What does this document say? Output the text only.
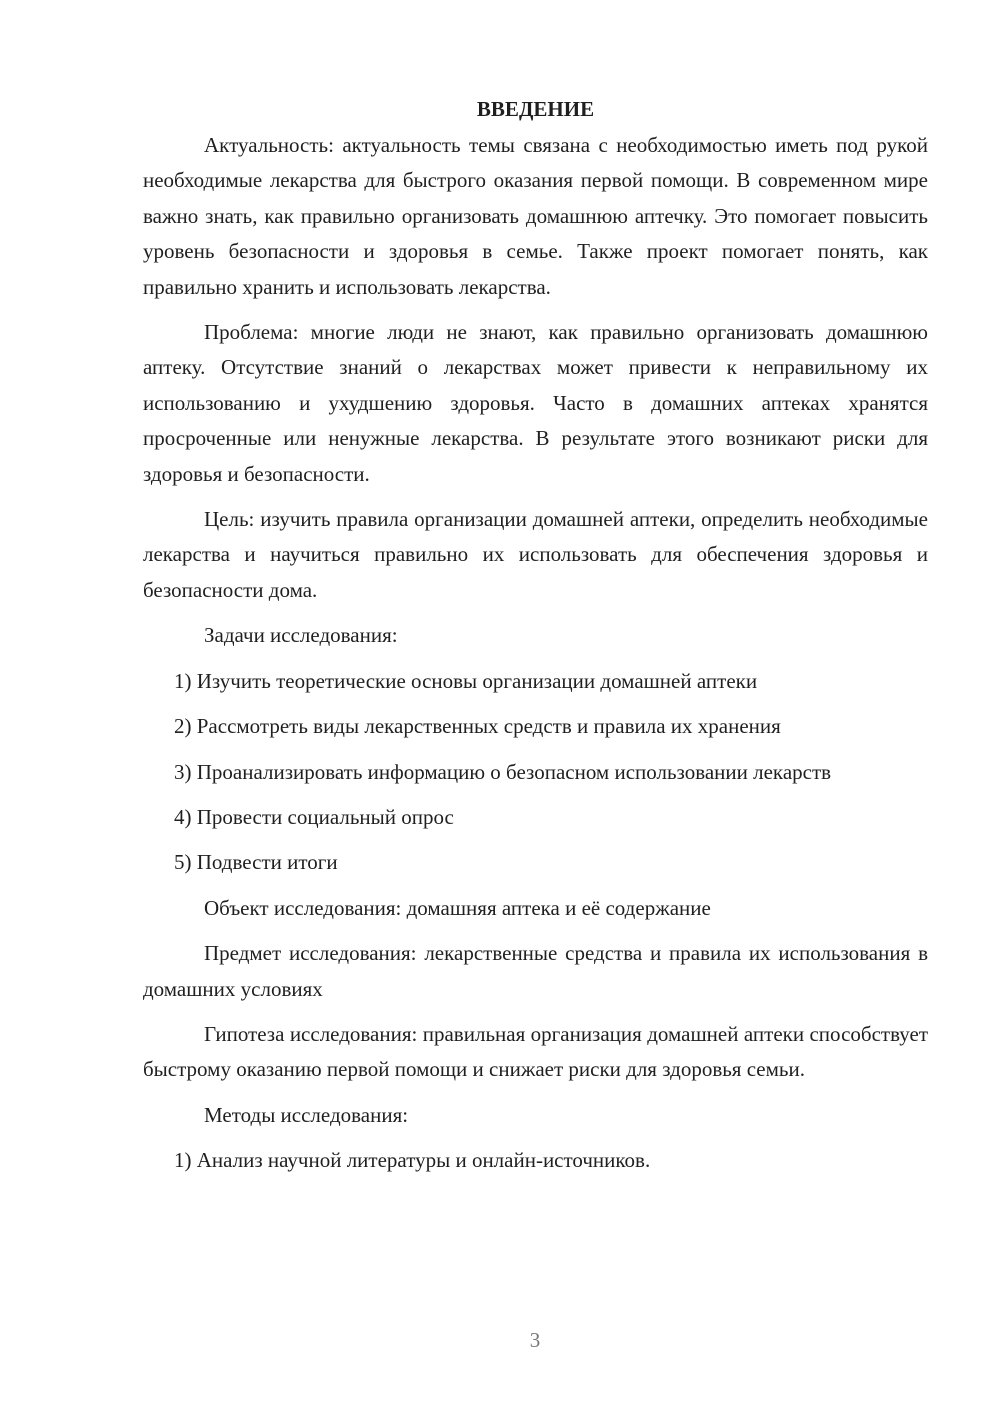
ВВЕДЕНИЕ

Актуальность: актуальность темы связана с необходимостью иметь под рукой необходимые лекарства для быстрого оказания первой помощи. В современном мире важно знать, как правильно организовать домашнюю аптечку. Это помогает повысить уровень безопасности и здоровья в семье. Также проект помогает понять, как правильно хранить и использовать лекарства.

Проблема: многие люди не знают, как правильно организовать домашнюю аптеку. Отсутствие знаний о лекарствах может привести к неправильному их использованию и ухудшению здоровья. Часто в домашних аптеках хранятся просроченные или ненужные лекарства. В результате этого возникают риски для здоровья и безопасности.

Цель: изучить правила организации домашней аптеки, определить необходимые лекарства и научиться правильно их использовать для обеспечения здоровья и безопасности дома.

Задачи исследования:

1) Изучить теоретические основы организации домашней аптеки

2) Рассмотреть виды лекарственных средств и правила их хранения

3) Проанализировать информацию о безопасном использовании лекарств

4) Провести социальный опрос

5) Подвести итоги

Объект исследования: домашняя аптека и её содержание

Предмет исследования: лекарственные средства и правила их использования в домашних условиях

Гипотеза исследования: правильная организация домашней аптеки способствует быстрому оказанию первой помощи и снижает риски для здоровья семьи.

Методы исследования:

1) Анализ научной литературы и онлайн-источников.

3
